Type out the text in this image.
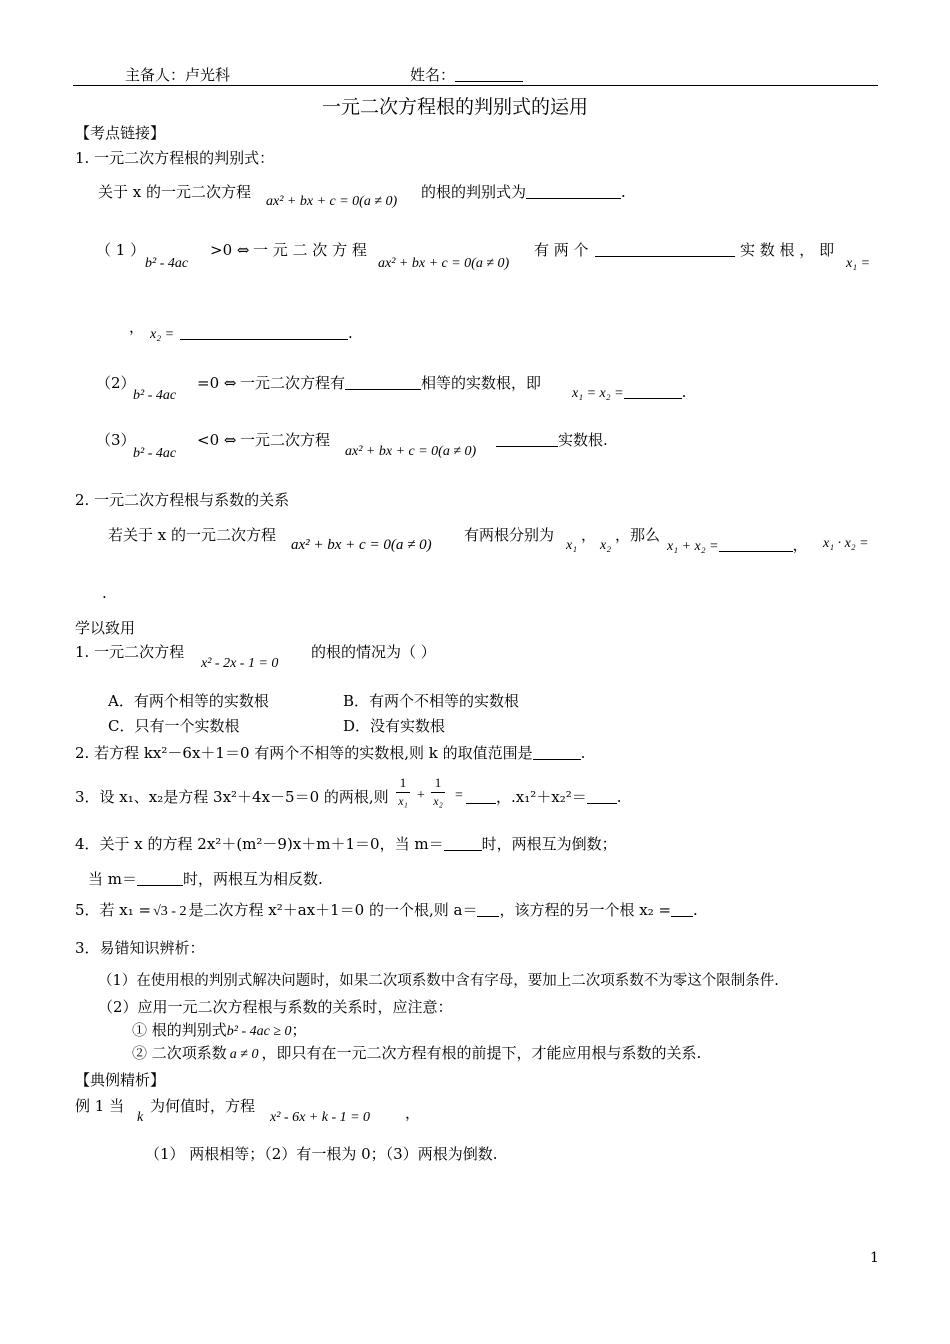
主备人：卢光科	姓名：
一元二次方程根的判别式的运用
【考点链接】
1. 一元二次方程根的判别式：
关于 x 的一元二次方程
ax² + bx + c = 0(a ≠ 0)
的根的判别式为	.
（ 1 ）
b² - 4ac
>0 ⇔ 一 元 二 次 方 程
ax² + bx + c = 0(a ≠ 0)
有 两 个	实 数 根 ， 即
x₁ =
， x₂ =	.
（2）
b² - 4ac
=0 ⇔ 一元二次方程有	相等的实数根，即
x₁ = x₂ =	.
（3）
b² - 4ac
<0 ⇔ 一元二次方程
ax² + bx + c = 0(a ≠ 0)
实数根.
2. 一元二次方程根与系数的关系
若关于 x 的一元二次方程
ax² + bx + c = 0(a ≠ 0)
有两根分别为
x₁
，
x₂
，那么
x₁ + x₂ =	， x₁ · x₂ =
.
学以致用
1. 一元二次方程
x² - 2x - 1 = 0
的根的情况为（ ）
A．有两个相等的实数根	B．有两个不相等的实数根
C．只有一个实数根	D．没有实数根
2. 若方程 kx²－6x＋1＝0 有两个不相等的实数根,则 k 的取值范围是	.
3．设 x₁、x₂是方程 3x²＋4x－5＝0 的两根,则
1
x₁ +
1
x₂ =	，.x₁²＋x₂²＝ .
4．关于 x 的方程 2x²＋(m²－9)x＋m＋1＝0，当 m＝	时，两根互为倒数；
当 m＝	时，两根互为相反数.
5．若 x₁ = √3 - 2 是二次方程 x²＋ax＋1＝0 的一个根,则 a＝ ，该方程的另一个根 x₂ = .
3．易错知识辨析：
（1）在使用根的判别式解决问题时，如果二次项系数中含有字母，要加上二次项系数不为零这个限制条件.
（2）应用一元二次方程根与系数的关系时，应注意：
① 根的判别式b² - 4ac ≥ 0；
② 二次项系数 a ≠ 0 ，即只有在一元二次方程有根的前提下，才能应用根与系数的关系.
【典例精析】
例 1 当
k
为何值时，方程
x² - 6x + k - 1 = 0 ，
（1） 两根相等；（2）有一根为 0；（3）两根为倒数.
1
